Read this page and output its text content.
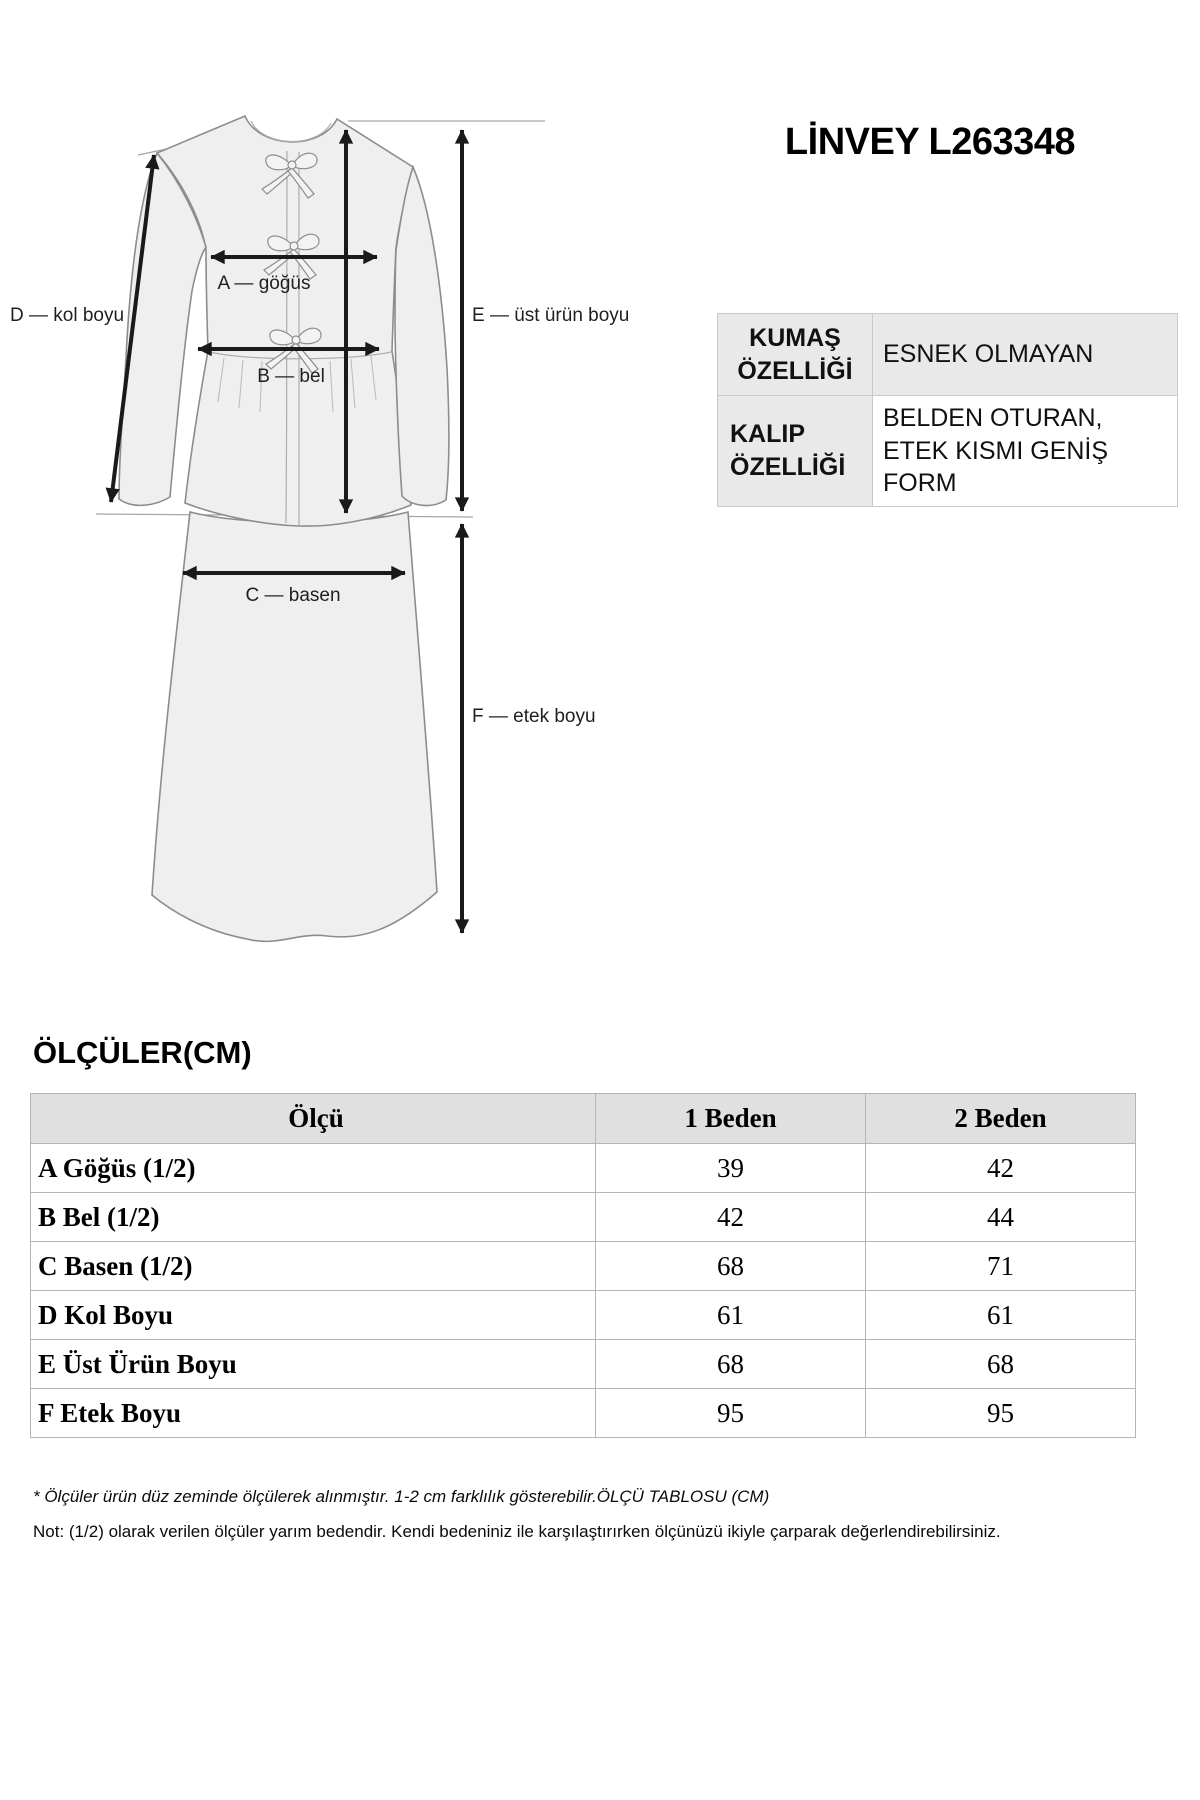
A — göğüs
B — bel
C — basen
D — kol boyu	E — üst ürün boyu
F — etek boyu
LİNVEY L263348
KUMAŞ ÖZELLİĞİ	ESNEK OLMAYAN
KALIP ÖZELLİĞİ	BELDEN OTURAN, ETEK KISMI GENİŞ FORM
ÖLÇÜLER(CM)
Ölçü	1 Beden	2 Beden
A Göğüs (1/2)	39	42
B Bel (1/2)	42	44
C Basen (1/2)	68	71
D Kol Boyu	61	61
E Üst Ürün Boyu	68	68
F Etek Boyu	95	95

* Ölçüler ürün düz zeminde ölçülerek alınmıştır. 1-2 cm farklılık gösterebilir.ÖLÇÜ TABLOSU (CM)

Not: (1/2) olarak verilen ölçüler yarım bedendir. Kendi bedeniniz ile karşılaştırırken ölçünüzü ikiyle çarparak değerlendirebilirsiniz.
